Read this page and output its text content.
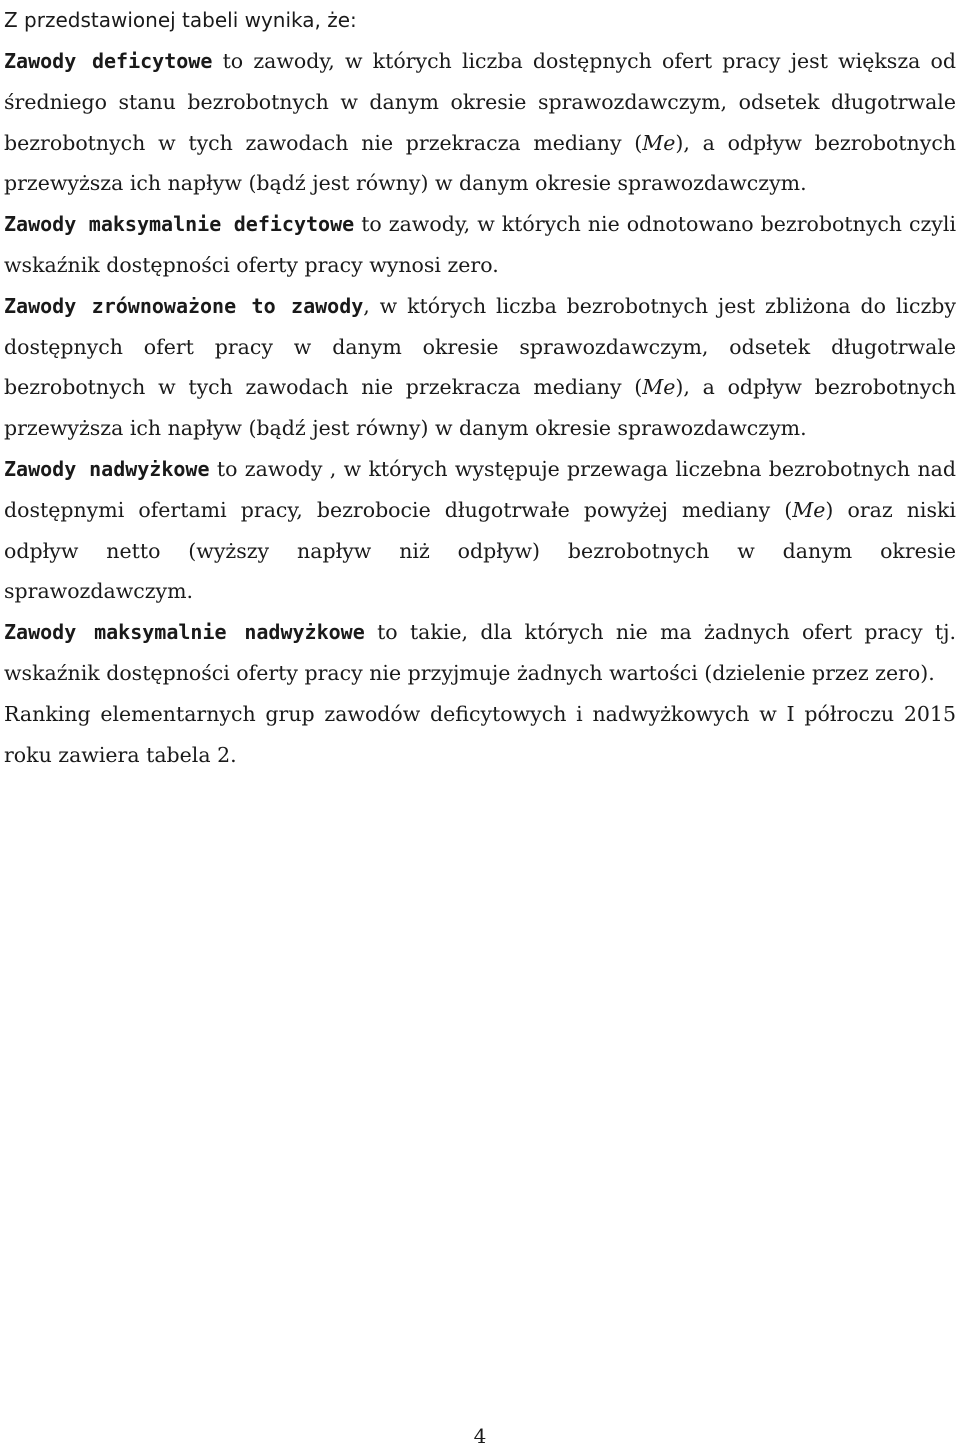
Z przedstawionej tabeli wynika, że:

Zawody deficytowe to zawody, w których liczba dostępnych ofert pracy jest większa od średniego stanu bezrobotnych w danym okresie sprawozdawczym, odsetek długotrwale bezrobotnych w tych zawodach nie przekracza mediany (Me), a odpływ bezrobotnych przewyższa ich napływ (bądź jest równy) w danym okresie sprawozdawczym.

Zawody maksymalnie deficytowe to zawody, w których nie odnotowano bezrobotnych czyli wskaźnik dostępności oferty pracy wynosi zero.

Zawody zrównoważone to zawody, w których liczba bezrobotnych jest zbliżona do liczby dostępnych ofert pracy w danym okresie sprawozdawczym, odsetek długotrwale bezrobotnych w tych zawodach nie przekracza mediany (Me), a odpływ bezrobotnych przewyższa ich napływ (bądź jest równy) w danym okresie sprawozdawczym.

Zawody nadwyżkowe to zawody , w których występuje przewaga liczebna bezrobotnych nad dostępnymi ofertami pracy, bezrobocie długotrwałe powyżej mediany (Me) oraz niski odpływ netto (wyższy napływ niż odpływ) bezrobotnych w danym okresie sprawozdawczym.

Zawody maksymalnie nadwyżkowe to takie, dla których nie ma żadnych ofert pracy tj. wskaźnik dostępności oferty pracy nie przyjmuje żadnych wartości (dzielenie przez zero).

Ranking elementarnych grup zawodów deficytowych i nadwyżkowych w I półroczu 2015 roku zawiera tabela 2.

4
